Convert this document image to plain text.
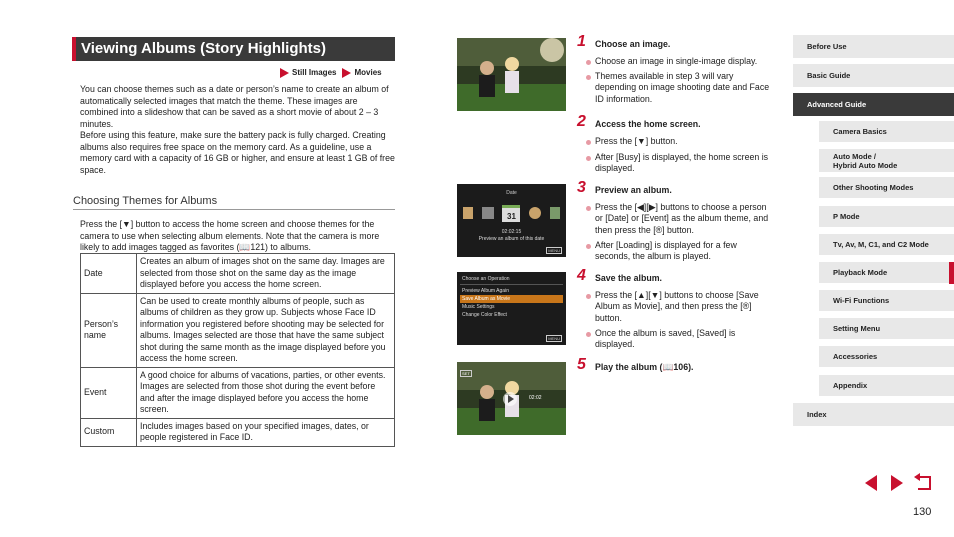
Viewing Albums (Story Highlights)
Still Images	Movies

You can choose themes such as a date or person’s name to create an album of automatically selected images that match the theme. These images are combined into a slideshow that can be saved as a short movie of about 2 – 3 minutes.

Before using this feature, make sure the battery pack is fully charged. Creating albums also requires free space on the memory card. As a guideline, use a memory card with a capacity of 16 GB or higher, and ensure at least 1 GB of free space.

Choosing Themes for Albums
Press the [▼] button to access the home screen and choose themes for the camera to use when selecting album elements. Note that the camera is more likely to add images tagged as favorites (📖121) to albums.
Date	Creates an album of images shot on the same day. Images are selected from those shot on the same day as the image displayed before you access the home screen.
Person’s name	Can be used to create monthly albums of people, such as albums of children as they grow up. Subjects whose Face ID information you registered before shooting may be selected for albums. Images selected are those that have the same subject shot during the same month as the image displayed before you access the home screen.
Event	A good choice for albums of vacations, parties, or other events. Images are selected from those shot during the event before and after the image displayed before you access the home screen.
Custom	Includes images based on your specified images, dates, or people registered in Face ID.
Date
31
02:02:15
Preview an album of this date
MENU
Choose an Operation
Preview Album Again
Save Album as Movie
Music Settings
Change Color Effect
MENU
SET
02:02
1 Choose an image.
Choose an image in single-image display.
Themes available in step 3 will vary depending on image shooting date and Face ID information.
2 Access the home screen.
Press the [▼] button.
After [Busy] is displayed, the home screen is displayed.
3 Preview an album.
Press the [◀][▶] buttons to choose a person or [Date] or [Event] as the album theme, and then press the [®] button.
After [Loading] is displayed for a few seconds, the album is played.
4 Save the album.
Press the [▲][▼] buttons to choose [Save Album as Movie], and then press the [®] button.
Once the album is saved, [Saved] is displayed.
5 Play the album (📖106).
Before Use
Basic Guide
Advanced Guide
Camera Basics
Auto Mode /
Hybrid Auto Mode
Other Shooting Modes
P Mode
Tv, Av, M, C1, and C2 Mode
Playback Mode
Wi-Fi Functions
Setting Menu
Accessories
Appendix
Index
130
